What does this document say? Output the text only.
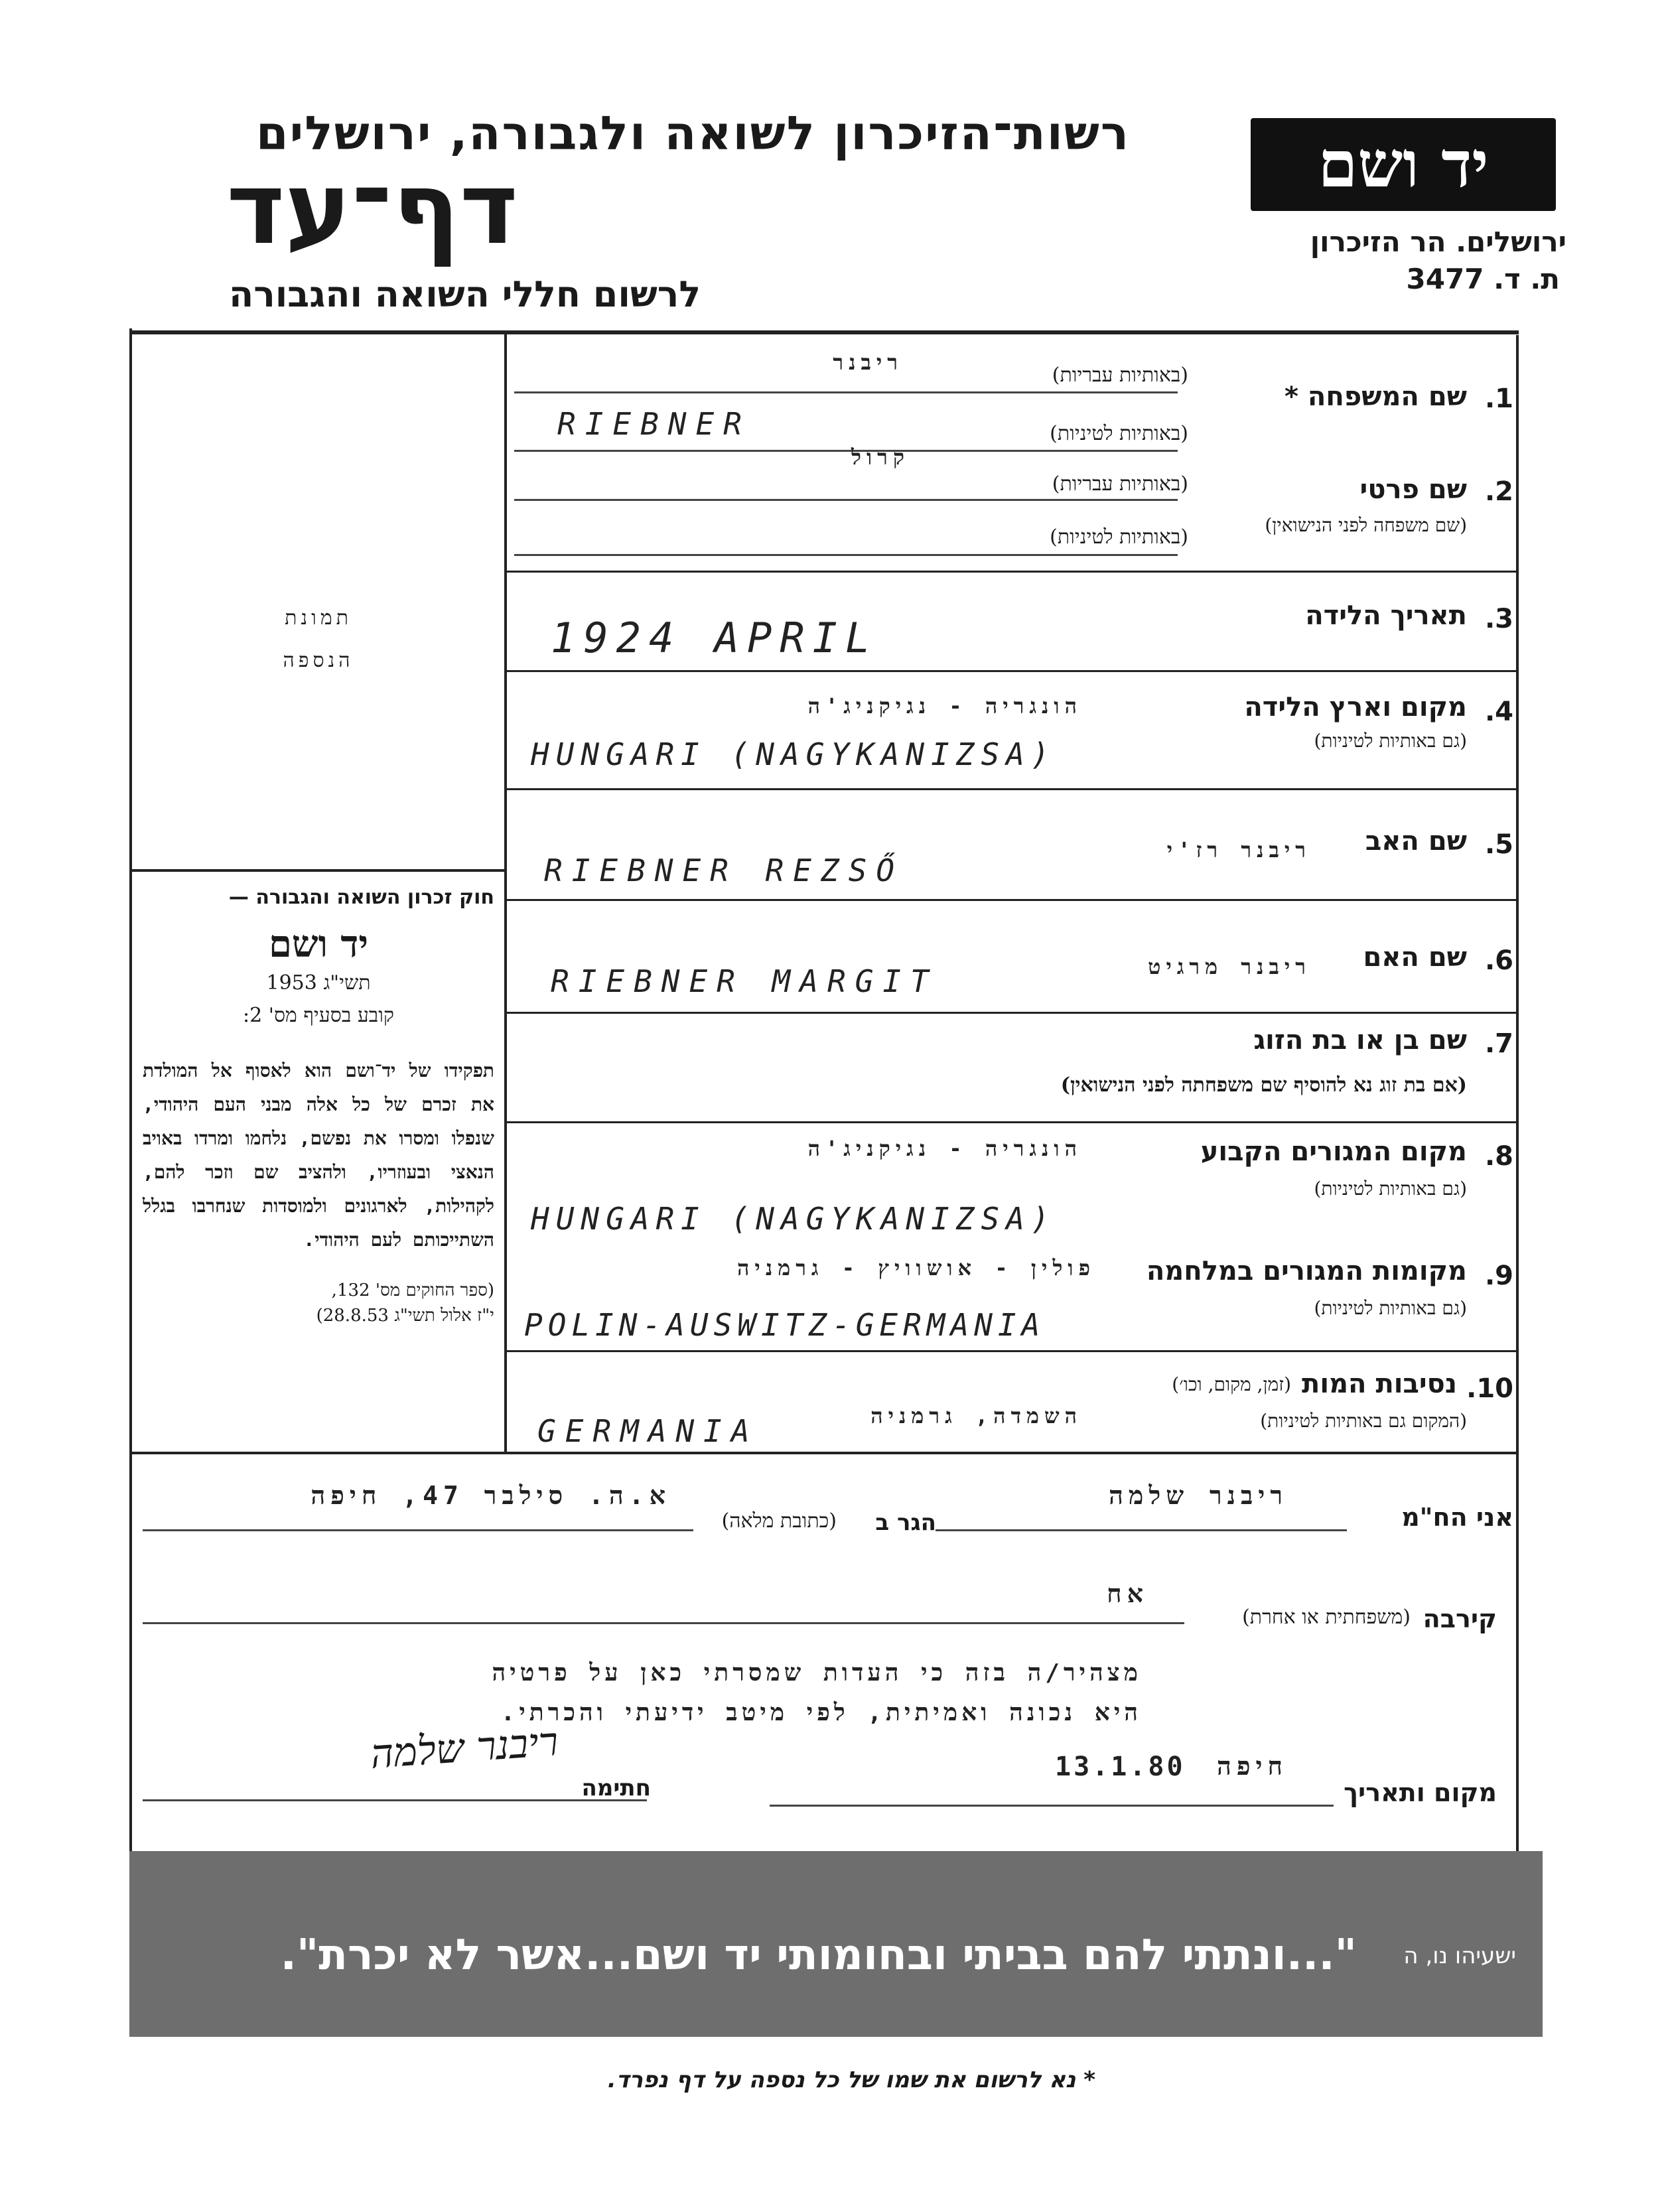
רשות־הזיכרון לשואה ולגבורה, ירושלים
דף־עד
לרשום חללי השואה והגבורה
יד ושם
ירושלים. הר הזיכרון
ת. ד. 3477
תמונת
הנספה
חוק זכרון השואה והגבורה —
יד ושם
תשי"ג 1953
קובע בסעיף מס' 2:
תפקידו של יד־ושם הוא לאסוף אל המולדת את זכרם של כל אלה מבני העם היהודי, שנפלו ומסרו את נפשם, נלחמו ומרדו באויב הנאצי ובעוזריו, ולהציב שם וזכר להם, לקהילות, לארגונים ולמוסדות שנחרבו בגלל השתייכותם לעם היהודי.
(ספר החוקים מס' 132,
י"ז אלול תשי"ג 28.8.53)
1.
שם המשפחה *
(באותיות עבריות)
ריבנר
(באותיות לטיניות)
RIEBNER
2.
שם פרטי
(שם משפחה לפני הנישואין)
קרול
(באותיות עבריות)
(באותיות לטיניות)
3.
תאריך הלידה
1924 APRIL
4.
מקום וארץ הלידה
(גם באותיות לטיניות)
הונגריה - נגיקניג'ה
HUNGARI (NAGYKANIZSA)
5.
שם האב
ריבנר רז'י
RIEBNER REZSŐ
6.
שם האם
ריבנר מרגיט
RIEBNER MARGIT
7.
שם בן או בת הזוג
(אם בת זוג נא להוסיף שם משפחתה לפני הנישואין)
8.
מקום המגורים הקבוע
(גם באותיות לטיניות)
הונגריה - נגיקניג'ה
HUNGARI (NAGYKANIZSA)
9.
מקומות המגורים במלחמה
(גם באותיות לטיניות)
פולין - אושוויץ - גרמניה
POLIN-AUSWITZ-GERMANIA
10.
נסיבות המות
(זמן, מקום, וכו׳)
(המקום גם באותיות לטיניות)
השמדה, גרמניה
GERMANIA
אני הח"מ
ריבנר שלמה
הגר ב
(כתובת מלאה)
א.ה. סילבר 47, חיפה
קירבה
(משפחתית או אחרת)
אח
מצהיר/ה בזה כי העדות שמסרתי כאן על פרטיה
היא נכונה ואמיתית, לפי מיטב ידיעתי והכרתי.
מקום ותאריך
חיפה
13.1.80
חתימה
ריבנר שלמה
"...ונתתי להם בביתי ובחומותי יד ושם...אשר לא יכרת". ישעיהו נו, ה
* נא לרשום את שמו של כל נספה על דף נפרד.
